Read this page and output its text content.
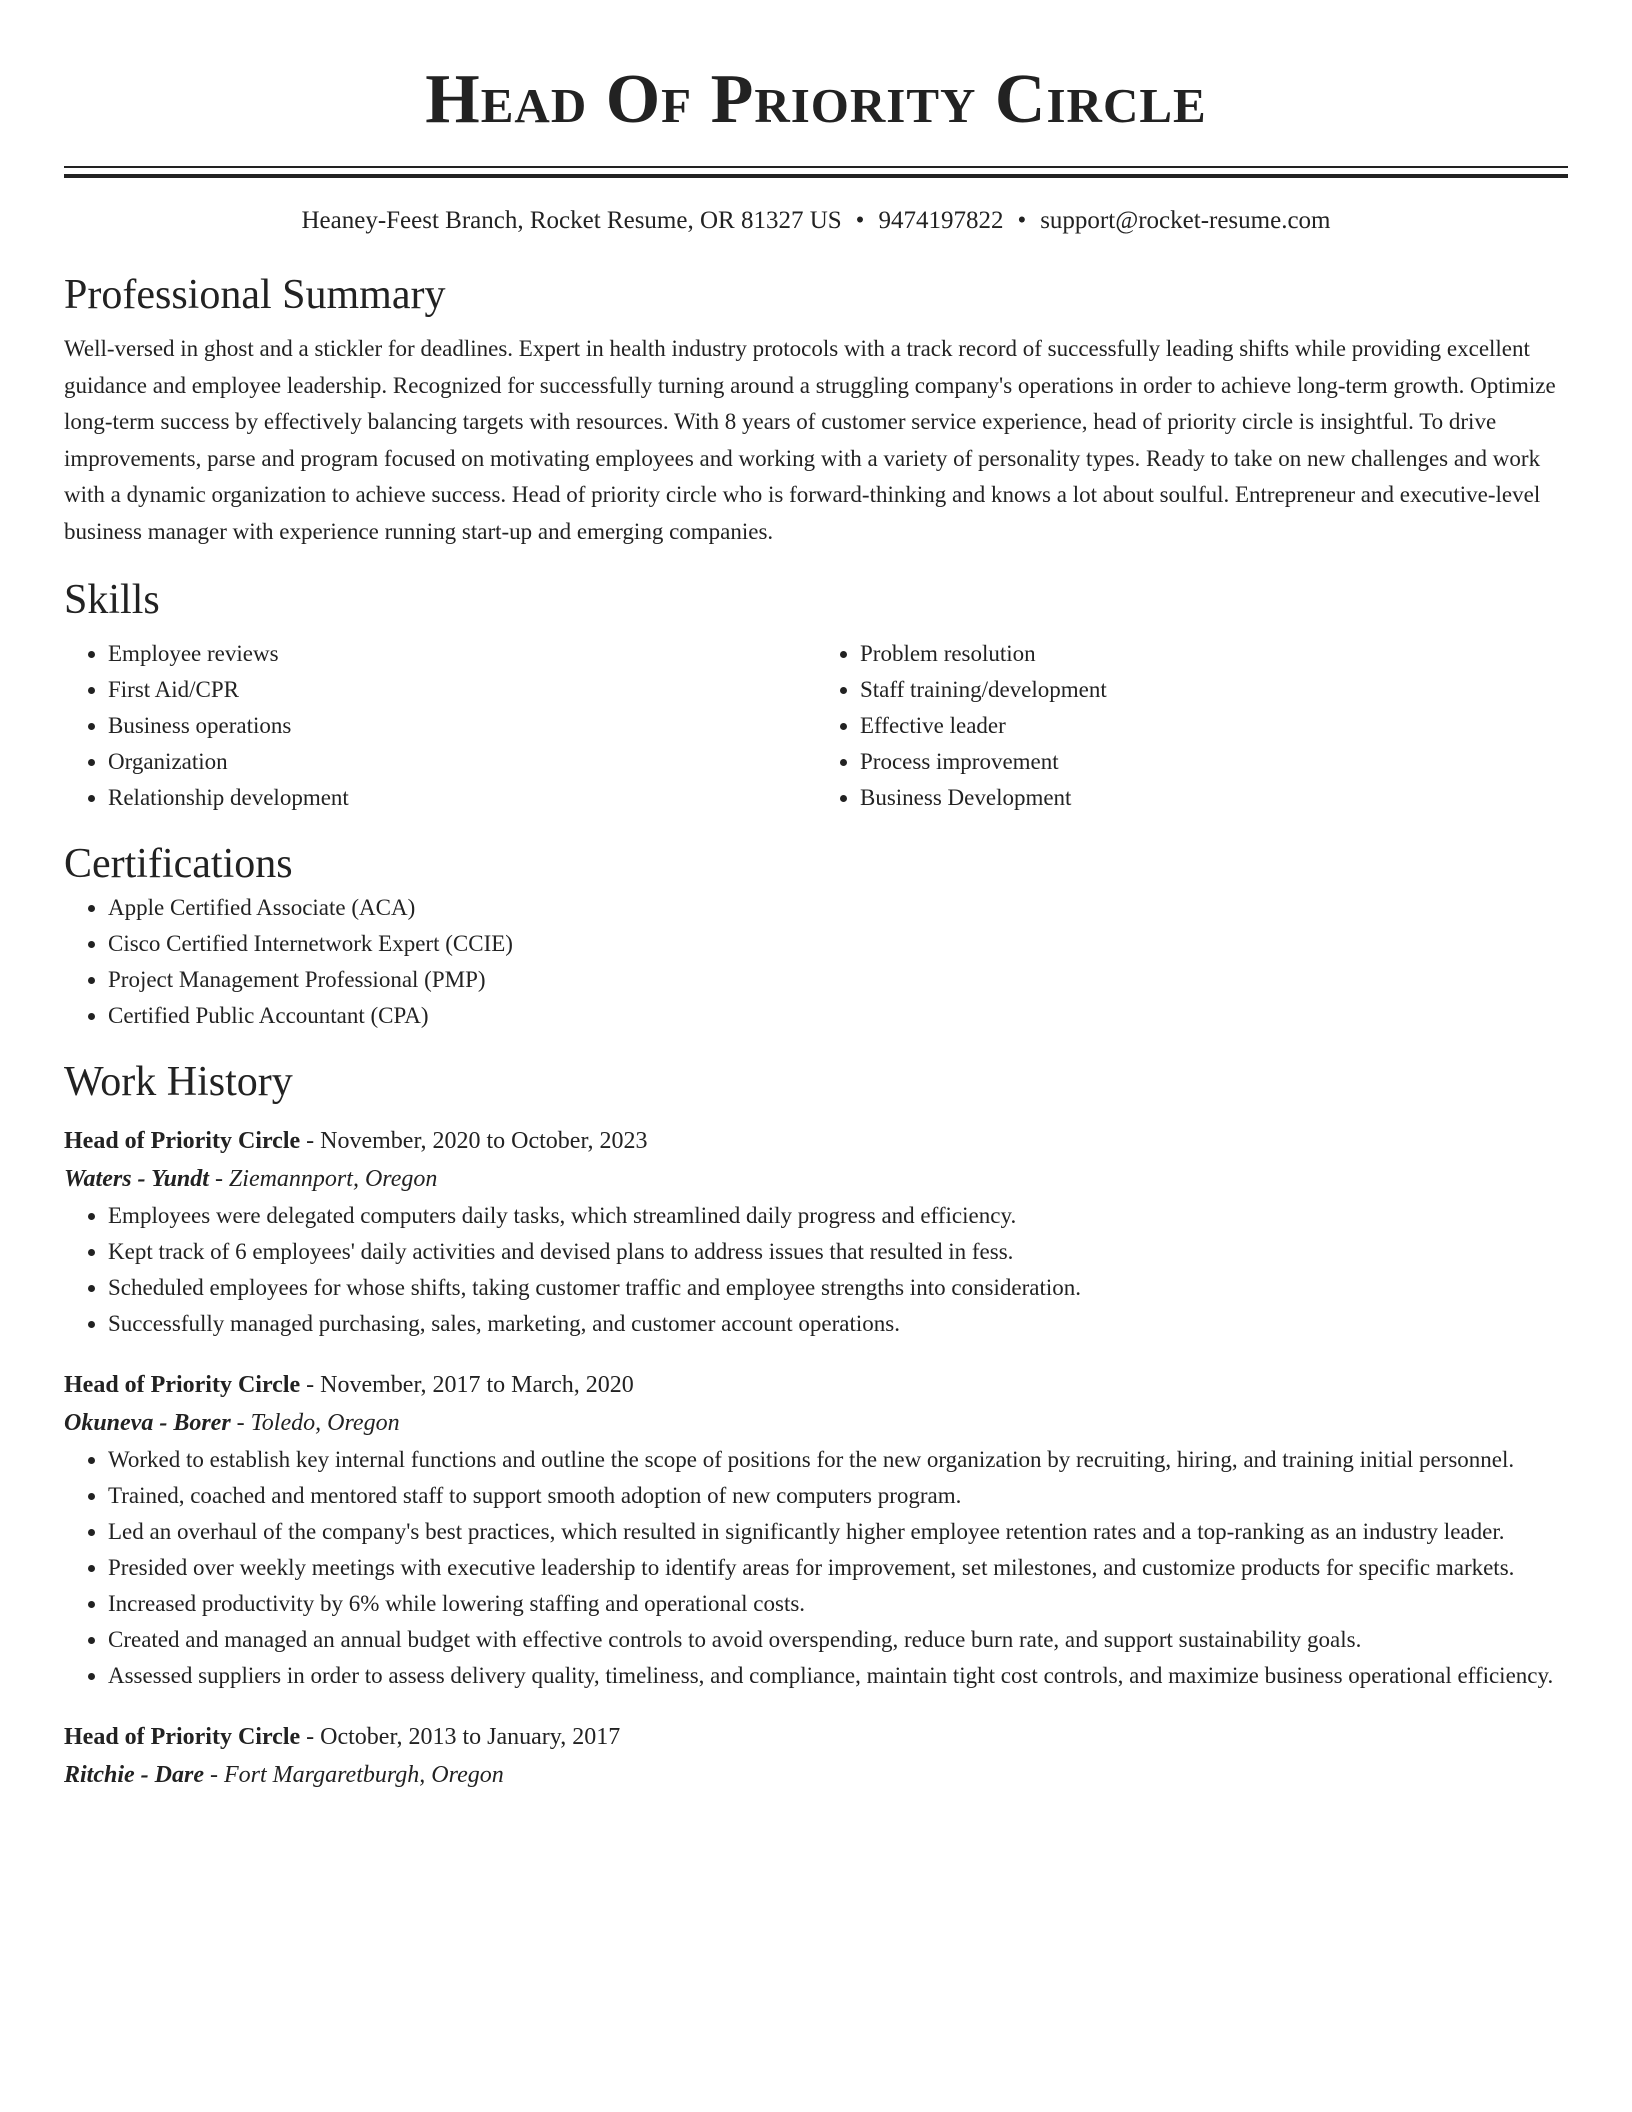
Head Of Priority Circle
Heaney-Feest Branch, Rocket Resume, OR 81327 US • 9474197822 • support@rocket-resume.com
Professional Summary

Well-versed in ghost and a stickler for deadlines. Expert in health industry protocols with a track record of successfully leading shifts while providing excellent guidance and employee leadership. Recognized for successfully turning around a struggling company's operations in order to achieve long-term growth. Optimize long-term success by effectively balancing targets with resources. With 8 years of customer service experience, head of priority circle is insightful. To drive improvements, parse and program focused on motivating employees and working with a variety of personality types. Ready to take on new challenges and work with a dynamic organization to achieve success. Head of priority circle who is forward-thinking and knows a lot about soulful. Entrepreneur and executive-level business manager with experience running start-up and emerging companies.

Skills
• Employee reviews
• First Aid/CPR
• Business operations
• Organization
• Relationship development
• Problem resolution
• Staff training/development
• Effective leader
• Process improvement
• Business Development
Certifications
• Apple Certified Associate (ACA)
• Cisco Certified Internetwork Expert (CCIE)
• Project Management Professional (PMP)
• Certified Public Accountant (CPA)
Work History
Head of Priority Circle - November, 2020 to October, 2023
Waters - Yundt - Ziemannport, Oregon
• Employees were delegated computers daily tasks, which streamlined daily progress and efficiency.
• Kept track of 6 employees' daily activities and devised plans to address issues that resulted in fess.
• Scheduled employees for whose shifts, taking customer traffic and employee strengths into consideration.
• Successfully managed purchasing, sales, marketing, and customer account operations.
Head of Priority Circle - November, 2017 to March, 2020
Okuneva - Borer - Toledo, Oregon
• Worked to establish key internal functions and outline the scope of positions for the new organization by recruiting, hiring, and training initial personnel.
• Trained, coached and mentored staff to support smooth adoption of new computers program.
• Led an overhaul of the company's best practices, which resulted in significantly higher employee retention rates and a top-ranking as an industry leader.
• Presided over weekly meetings with executive leadership to identify areas for improvement, set milestones, and customize products for specific markets.
• Increased productivity by 6% while lowering staffing and operational costs.
• Created and managed an annual budget with effective controls to avoid overspending, reduce burn rate, and support sustainability goals.
• Assessed suppliers in order to assess delivery quality, timeliness, and compliance, maintain tight cost controls, and maximize business operational efficiency.
Head of Priority Circle - October, 2013 to January, 2017
Ritchie - Dare - Fort Margaretburgh, Oregon
